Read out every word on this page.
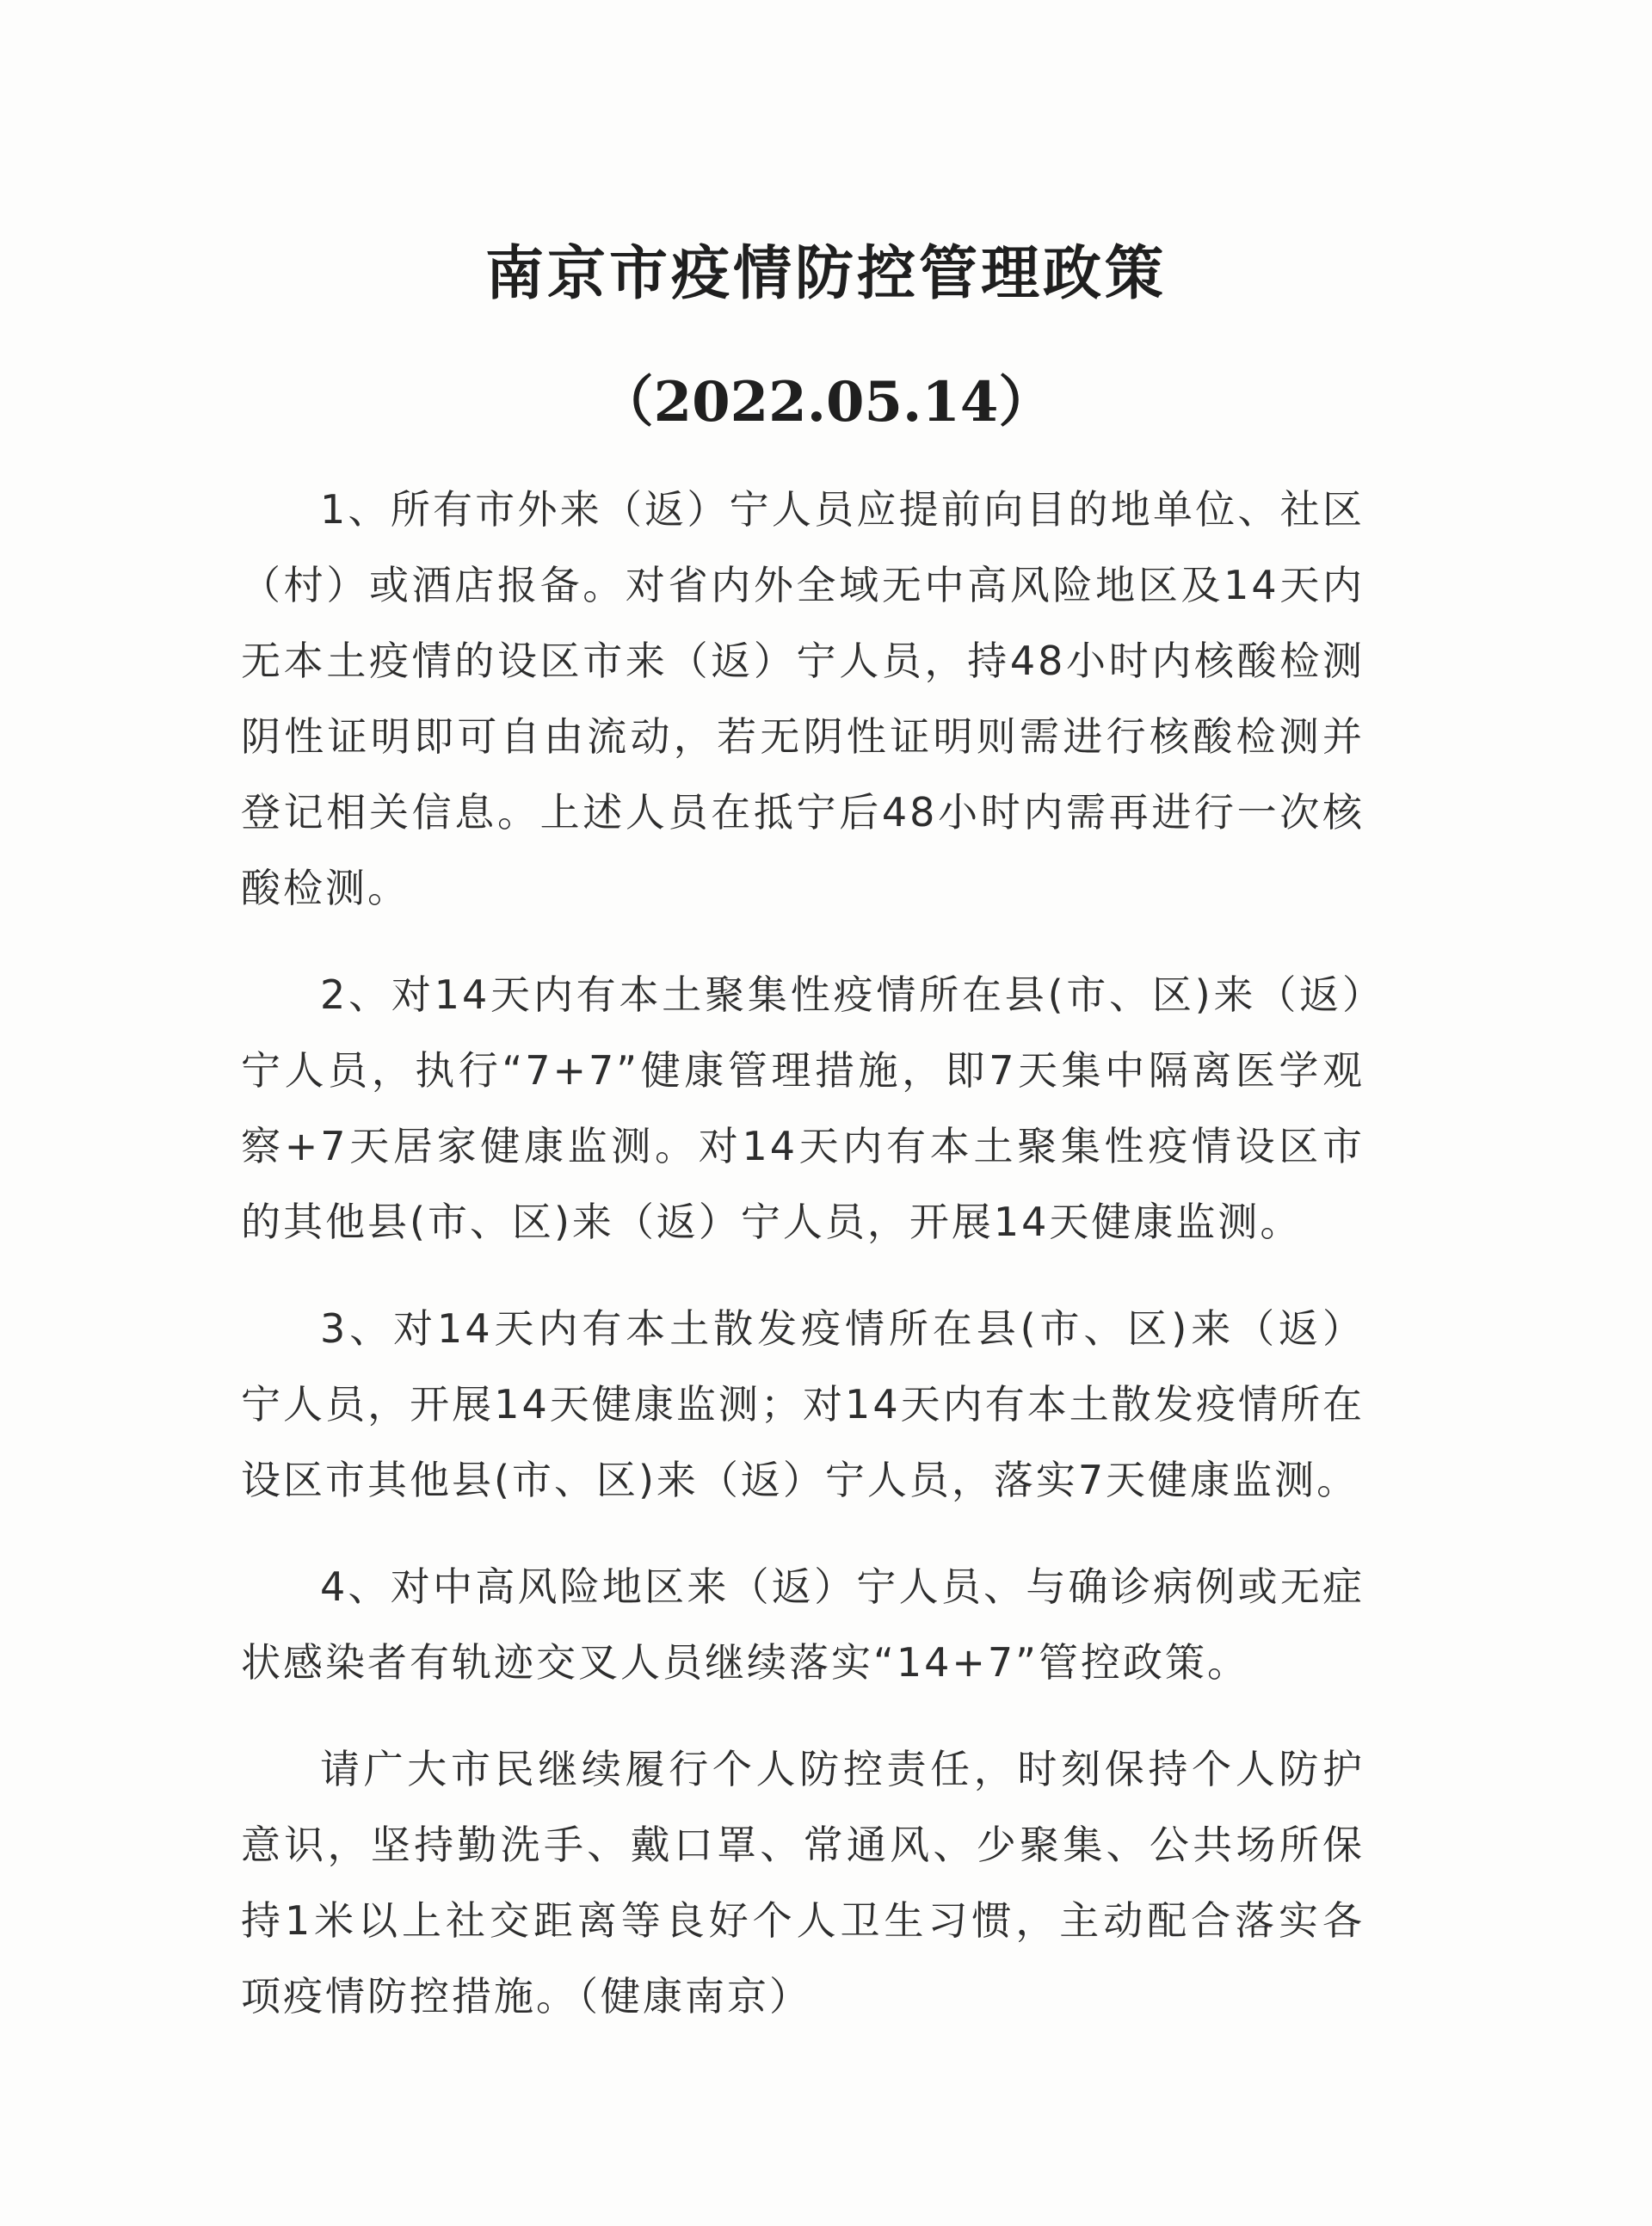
南京市疫情防控管理政策
（2022.05.14）

1、所有市外来（返）宁人员应提前向目的地单位、社区（村）或酒店报备。对省内外全域无中高风险地区及14天内无本土疫情的设区市来（返）宁人员，持48小时内核酸检测阴性证明即可自由流动，若无阴性证明则需进行核酸检测并登记相关信息。上述人员在抵宁后48小时内需再进行一次核酸检测。

2、对14天内有本土聚集性疫情所在县(市、区)来（返）宁人员，执行“7+7”健康管理措施，即7天集中隔离医学观察+7天居家健康监测。对14天内有本土聚集性疫情设区市的其他县(市、区)来（返）宁人员，开展14天健康监测。

3、对14天内有本土散发疫情所在县(市、区)来（返）宁人员，开展14天健康监测；对14天内有本土散发疫情所在设区市其他县(市、区)来（返）宁人员，落实7天健康监测。

4、对中高风险地区来（返）宁人员、与确诊病例或无症状感染者有轨迹交叉人员继续落实“14+7”管控政策。

请广大市民继续履行个人防控责任，时刻保持个人防护意识，坚持勤洗手、戴口罩、常通风、少聚集、公共场所保持1米以上社交距离等良好个人卫生习惯，主动配合落实各项疫情防控措施。（健康南京）
